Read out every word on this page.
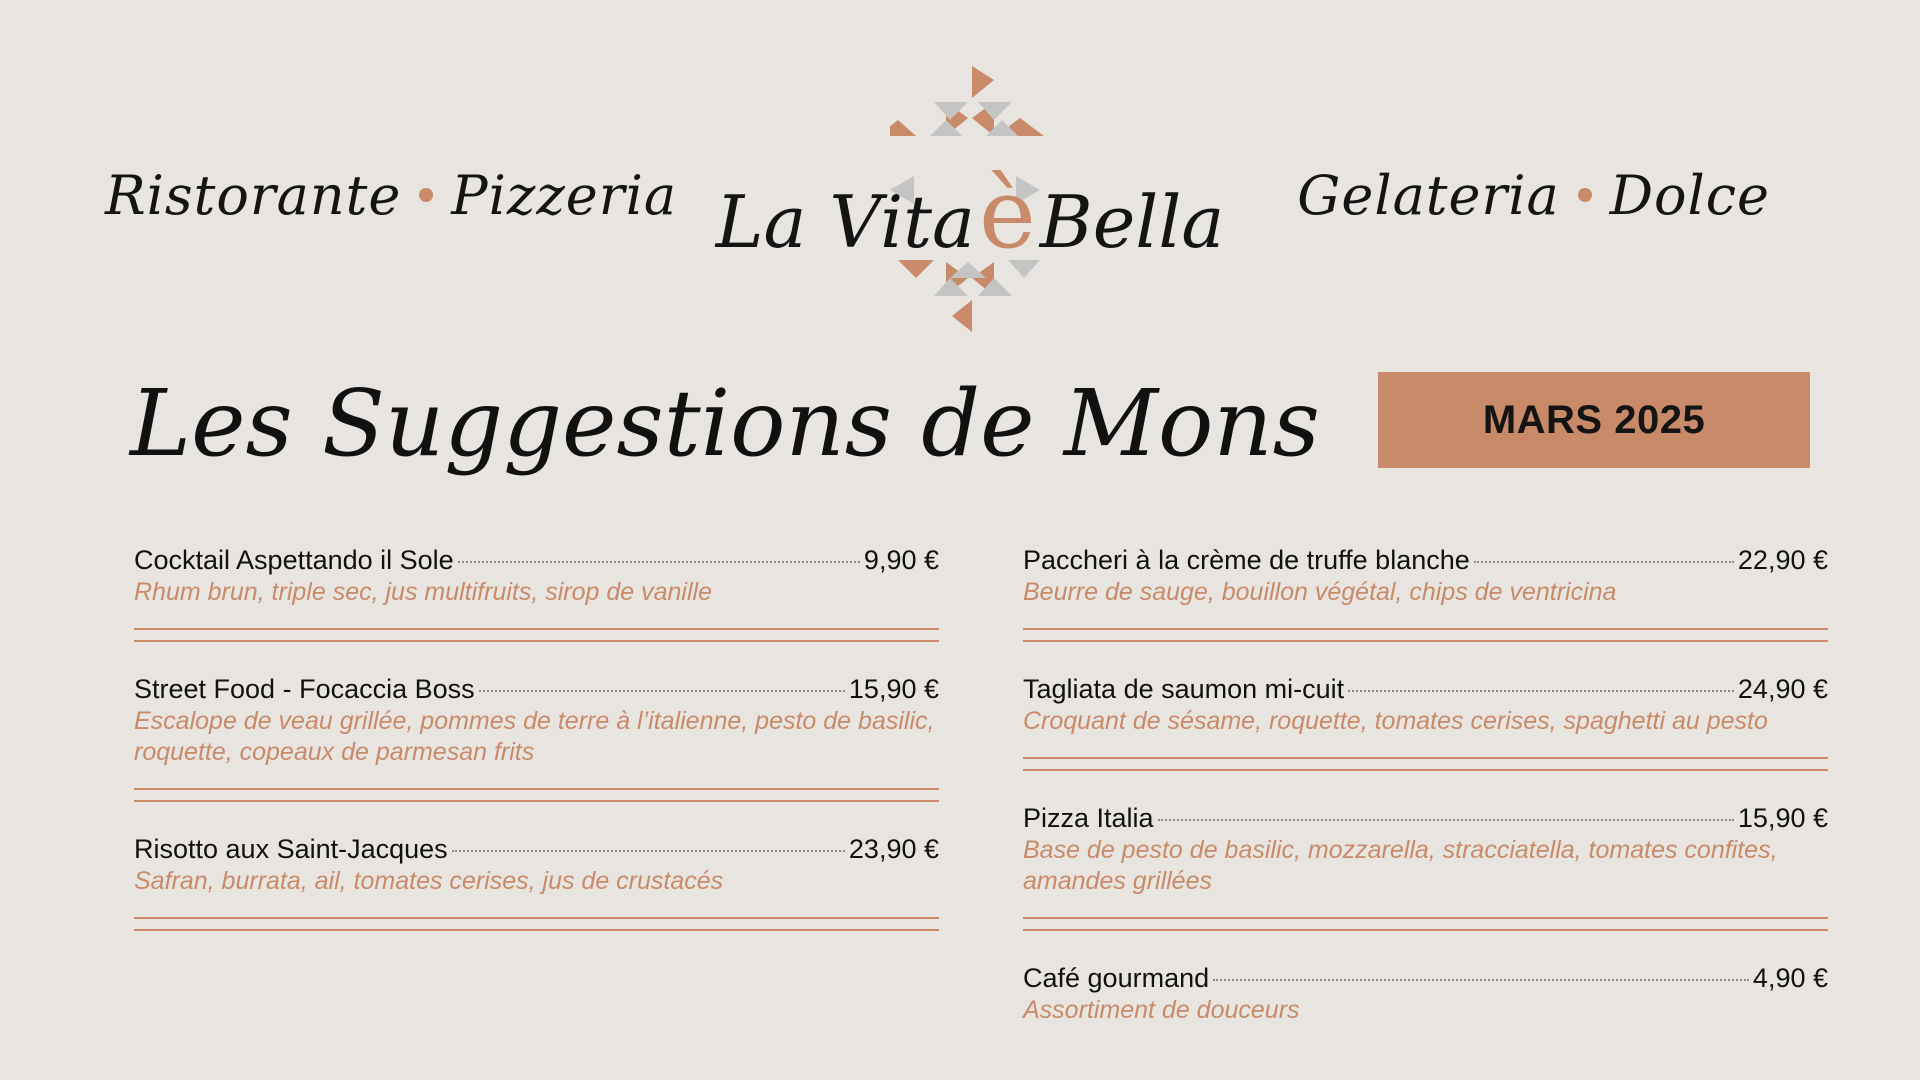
Ristorante Pizzeria La VitaèBella	Gelateria Dolce
Les Suggestions de Mons	MARS 2025
Cocktail Aspettando il Sole	9,90 €
Rhum brun, triple sec, jus multifruits, sirop de vanille
Street Food - Focaccia Boss	15,90 €
Escalope de veau grillée, pommes de terre à l’italienne, pesto de basilic, roquette, copeaux de parmesan frits
Risotto aux Saint-Jacques	23,90 €
Safran, burrata, ail, tomates cerises, jus de crustacés
Paccheri à la crème de truffe blanche	22,90 €
Beurre de sauge, bouillon végétal, chips de ventricina
Tagliata de saumon mi-cuit	24,90 €
Croquant de sésame, roquette, tomates cerises, spaghetti au pesto
Pizza Italia	15,90 €
Base de pesto de basilic, mozzarella, stracciatella, tomates confites, amandes grillées
Café gourmand	4,90 €
Assortiment de douceurs
